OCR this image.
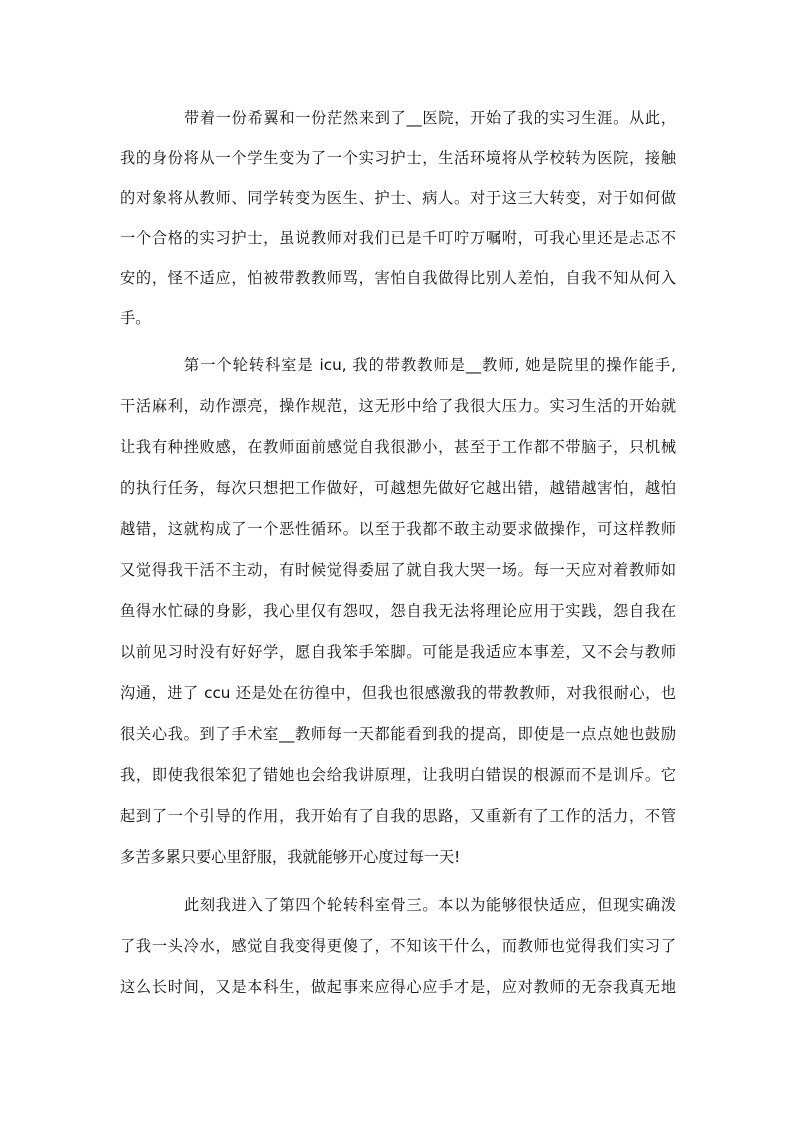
带着一份希翼和一份茫然来到了__医院，开始了我的实习生涯。从此，
我的身份将从一个学生变为了一个实习护士，生活环境将从学校转为医院，接触
的对象将从教师、同学转变为医生、护士、病人。对于这三大转变，对于如何做
一个合格的实习护士，虽说教师对我们已是千叮咛万嘱咐，可我心里还是忐忑不
安的，怪不适应，怕被带教教师骂，害怕自我做得比别人差怕，自我不知从何入
手。
第一个轮转科室是 icu, 我的带教教师是__教师, 她是院里的操作能手,
干活麻利，动作漂亮，操作规范，这无形中给了我很大压力。实习生活的开始就
让我有种挫败感，在教师面前感觉自我很渺小，甚至于工作都不带脑子，只机械
的执行任务，每次只想把工作做好，可越想先做好它越出错，越错越害怕，越怕
越错，这就构成了一个恶性循环。以至于我都不敢主动要求做操作，可这样教师
又觉得我干活不主动，有时候觉得委屈了就自我大哭一场。每一天应对着教师如
鱼得水忙碌的身影，我心里仅有怨叹，怨自我无法将理论应用于实践，怨自我在
以前见习时没有好好学，愿自我笨手笨脚。可能是我适应本事差，又不会与教师
沟通，进了 ccu 还是处在彷徨中，但我也很感激我的带教教师，对我很耐心，也
很关心我。到了手术室__教师每一天都能看到我的提高，即使是一点点她也鼓励
我，即使我很笨犯了错她也会给我讲原理，让我明白错误的根源而不是训斥。它
起到了一个引导的作用，我开始有了自我的思路，又重新有了工作的活力，不管
多苦多累只要心里舒服，我就能够开心度过每一天!
此刻我进入了第四个轮转科室骨三。本以为能够很快适应，但现实确泼
了我一头冷水，感觉自我变得更傻了，不知该干什么，而教师也觉得我们实习了
这么长时间，又是本科生，做起事来应得心应手才是，应对教师的无奈我真无地
